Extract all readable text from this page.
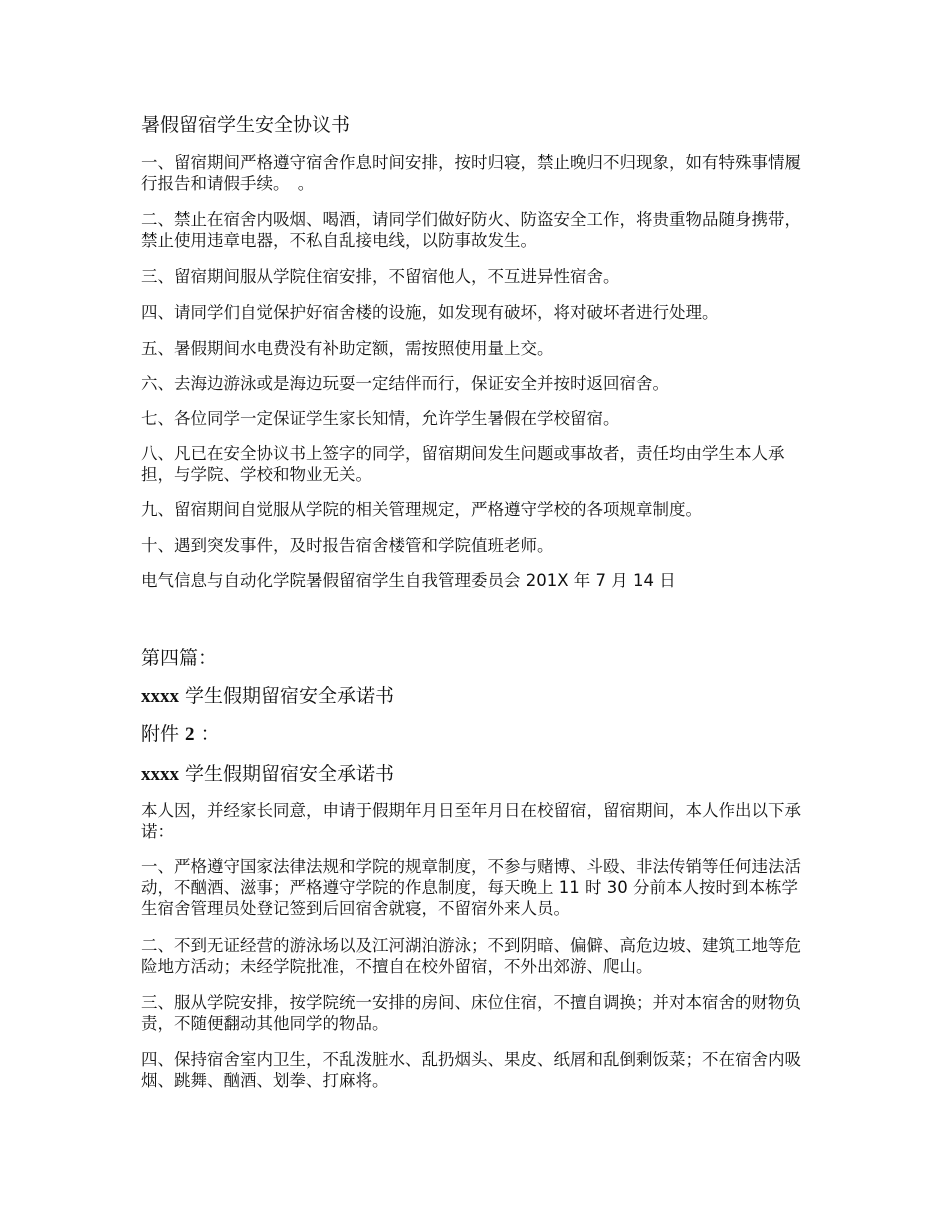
暑假留宿学生安全协议书
一、留宿期间严格遵守宿舍作息时间安排，按时归寝，禁止晚归不归现象，如有特殊事情履行报告和请假手续。　。
二、禁止在宿舍内吸烟、喝酒，请同学们做好防火、防盗安全工作，将贵重物品随身携带，禁止使用违章电器，不私自乱接电线，以防事故发生。
三、留宿期间服从学院住宿安排，不留宿他人，不互进异性宿舍。
四、请同学们自觉保护好宿舍楼的设施，如发现有破坏，将对破坏者进行处理。
五、暑假期间水电费没有补助定额，需按照使用量上交。
六、去海边游泳或是海边玩耍一定结伴而行，保证安全并按时返回宿舍。
七、各位同学一定保证学生家长知情，允许学生暑假在学校留宿。
八、凡已在安全协议书上签字的同学，留宿期间发生问题或事故者，责任均由学生本人承担，与学院、学校和物业无关。
九、留宿期间自觉服从学院的相关管理规定，严格遵守学校的各项规章制度。
十、遇到突发事件，及时报告宿舍楼管和学院值班老师。
电气信息与自动化学院暑假留宿学生自我管理委员会 201X 年 7 月 14 日
第四篇：
xxxx 学生假期留宿安全承诺书
附件 2 ：
xxxx 学生假期留宿安全承诺书
本人因，并经家长同意，申请于假期年月日至年月日在校留宿，留宿期间，本人作出以下承诺：
一、严格遵守国家法律法规和学院的规章制度，不参与赌博、斗殴、非法传销等任何违法活动，不酗酒、滋事；严格遵守学院的作息制度，每天晚上 11 时 30 分前本人按时到本栋学生宿舍管理员处登记签到后回宿舍就寝，不留宿外来人员。
二、不到无证经营的游泳场以及江河湖泊游泳；不到阴暗、偏僻、高危边坡、建筑工地等危险地方活动；未经学院批准，不擅自在校外留宿，不外出郊游、爬山。
三、服从学院安排，按学院统一安排的房间、床位住宿，不擅自调换；并对本宿舍的财物负责，不随便翻动其他同学的物品。
四、保持宿舍室内卫生，不乱泼脏水、乱扔烟头、果皮、纸屑和乱倒剩饭菜；不在宿舍内吸烟、跳舞、酗酒、划拳、打麻将。
